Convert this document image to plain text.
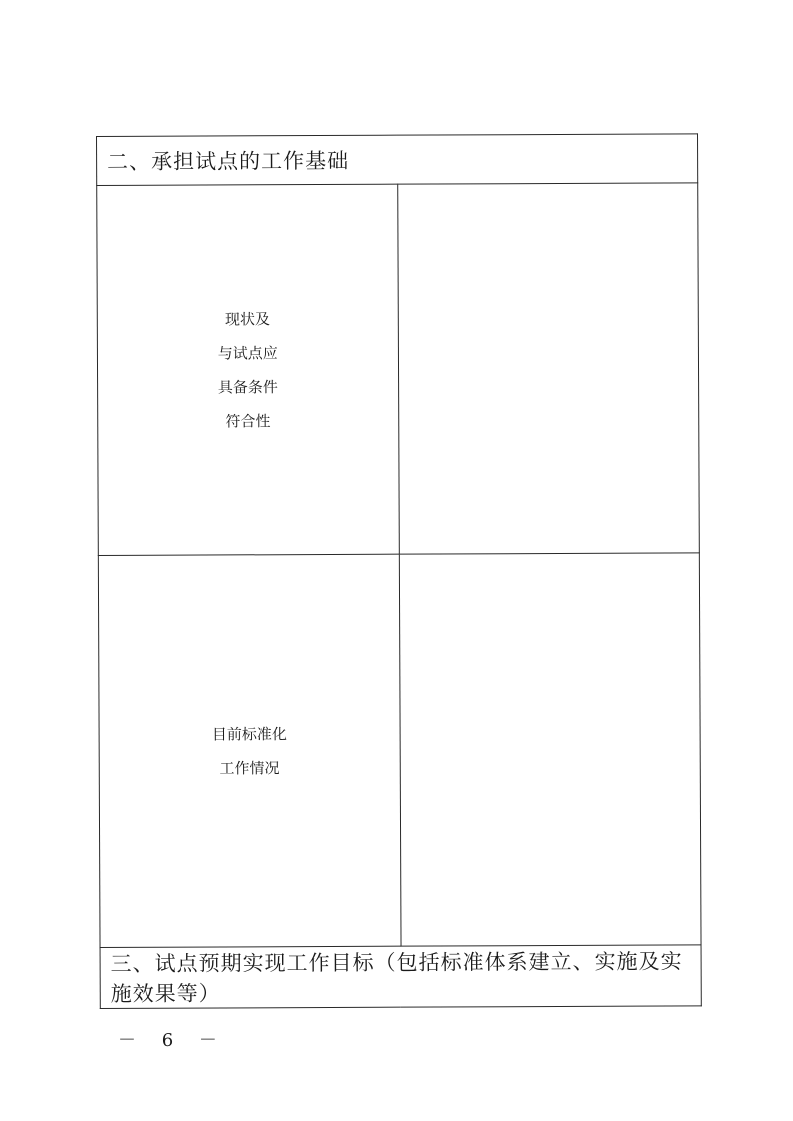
二、承担试点的工作基础	

现状及
与试点应
具备条件
符合性	

目前标准化
工作情况	

三、试点预期实现工作目标（包括标准体系建立、实施及实施效果等）	
－ 6 －
